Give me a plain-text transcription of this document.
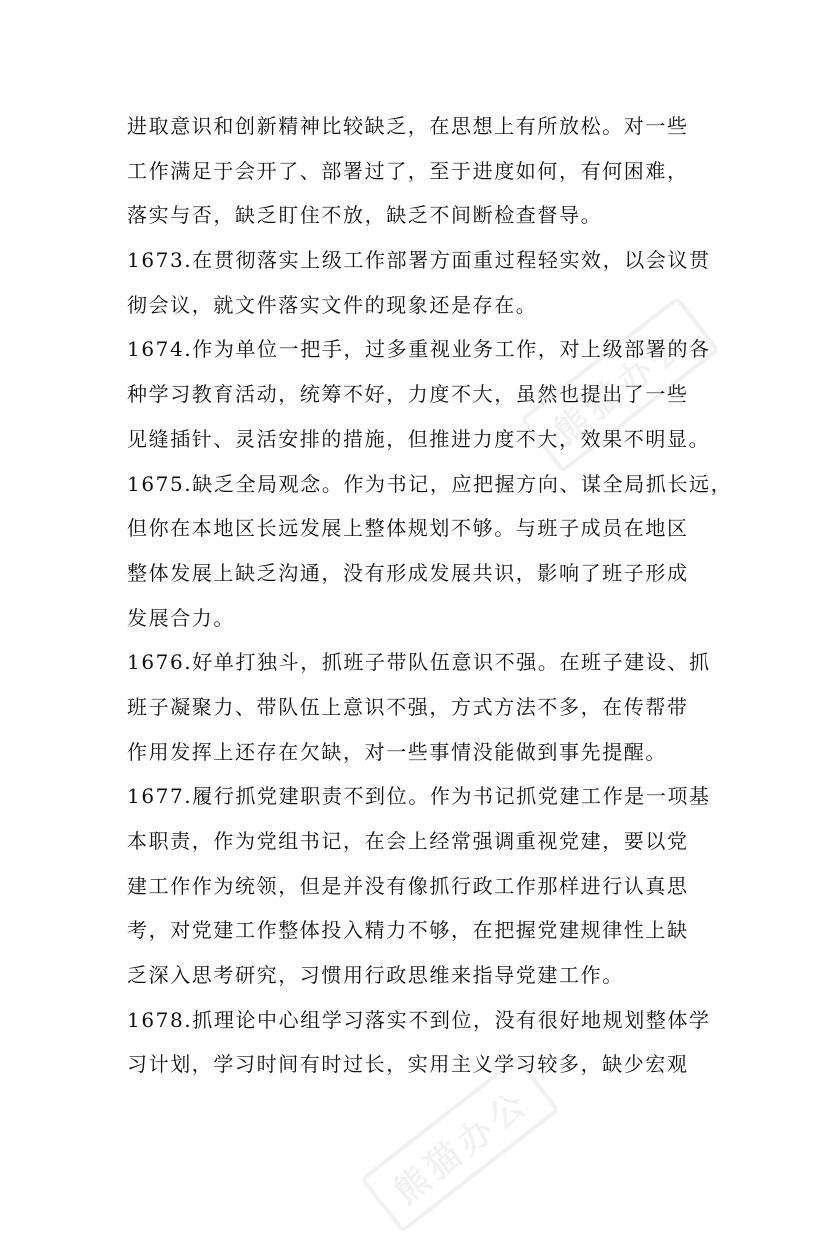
进取意识和创新精神比较缺乏，在思想上有所放松。对一些
工作满足于会开了、部署过了，至于进度如何，有何困难，
落实与否，缺乏盯住不放，缺乏不间断检查督导。
1673.在贯彻落实上级工作部署方面重过程轻实效，以会议贯
彻会议，就文件落实文件的现象还是存在。
1674.作为单位一把手，过多重视业务工作，对上级部署的各
种学习教育活动，统筹不好，力度不大，虽然也提出了一些
见缝插针、灵活安排的措施，但推进力度不大，效果不明显。
1675.缺乏全局观念。作为书记，应把握方向、谋全局抓长远，
但你在本地区长远发展上整体规划不够。与班子成员在地区
整体发展上缺乏沟通，没有形成发展共识，影响了班子形成
发展合力。
1676.好单打独斗，抓班子带队伍意识不强。在班子建设、抓
班子凝聚力、带队伍上意识不强，方式方法不多，在传帮带
作用发挥上还存在欠缺，对一些事情没能做到事先提醒。
1677.履行抓党建职责不到位。作为书记抓党建工作是一项基
本职责，作为党组书记，在会上经常强调重视党建，要以党
建工作作为统领，但是并没有像抓行政工作那样进行认真思
考，对党建工作整体投入精力不够，在把握党建规律性上缺
乏深入思考研究，习惯用行政思维来指导党建工作。
1678.抓理论中心组学习落实不到位，没有很好地规划整体学
习计划，学习时间有时过长，实用主义学习较多，缺少宏观
熊猫办公
熊猫办公
